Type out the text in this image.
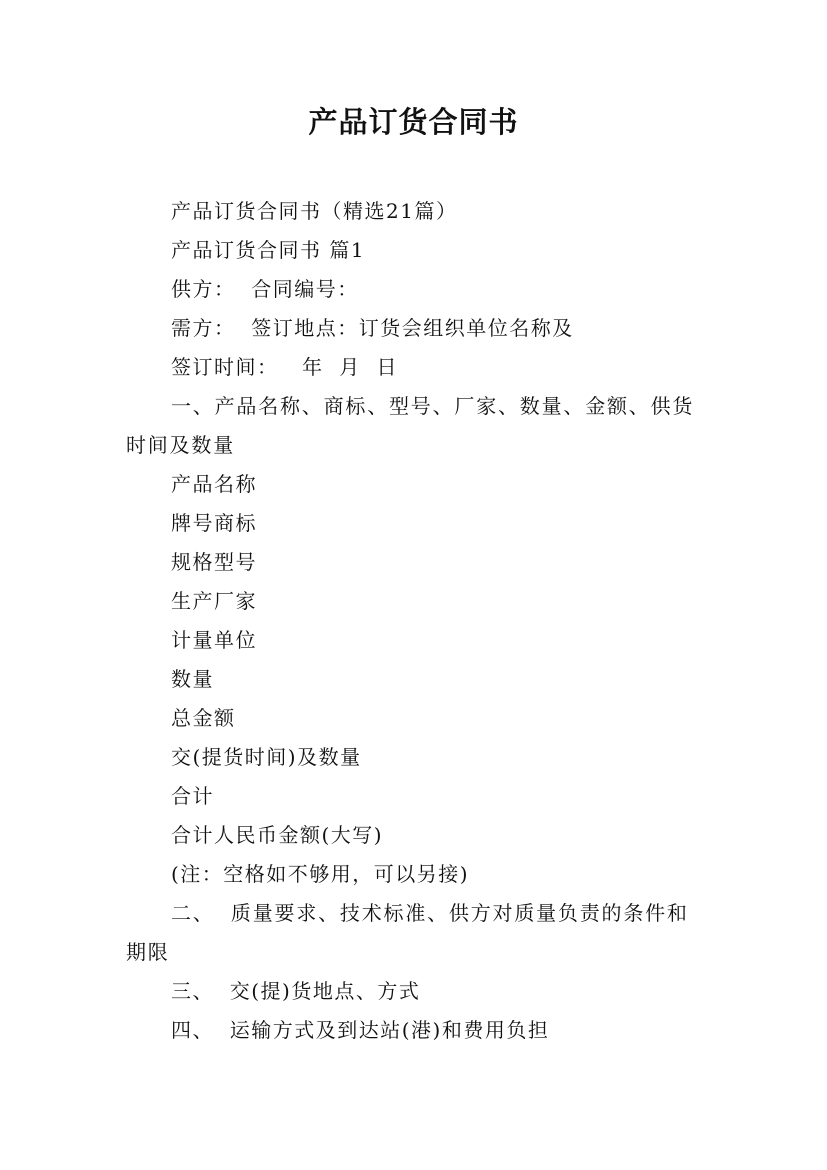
产品订货合同书

产品订货合同书（精选21篇）

产品订货合同书 篇1

供方：  合同编号：

需方：  签订地点：订货会组织单位名称及

签订时间：   年  月  日

一、产品名称、商标、型号、厂家、数量、金额、供货时间及数量

产品名称

牌号商标

规格型号

生产厂家

计量单位

数量

总金额

交(提货时间)及数量

合计

合计人民币金额(大写)

(注：空格如不够用，可以另接)

二、  质量要求、技术标准、供方对质量负责的条件和期限

三、  交(提)货地点、方式

四、  运输方式及到达站(港)和费用负担
